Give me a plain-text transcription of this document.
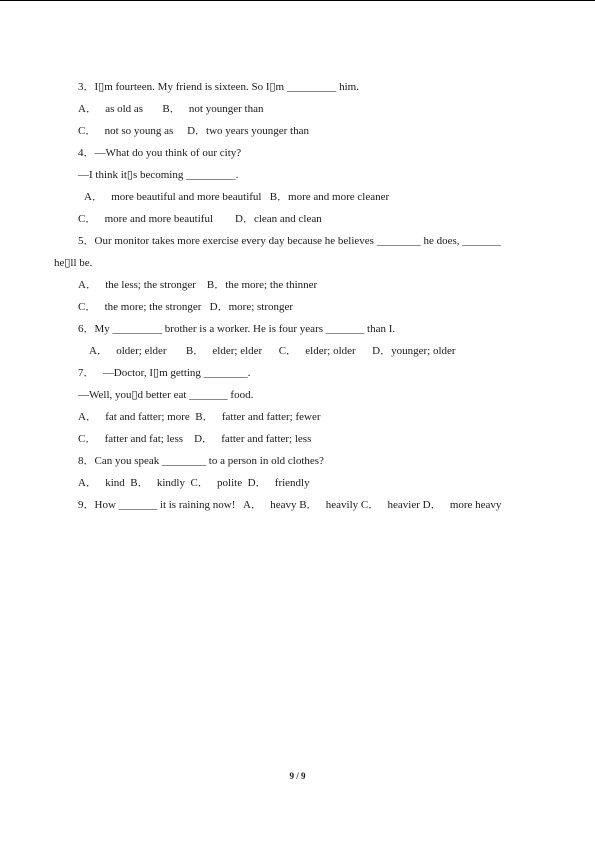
3．I▯m fourteen. My friend is sixteen. So I▯m _________ him.
A．   as old as       B．   not younger than
C．   not so young as     D．two years younger than
4．—What do you think of our city?
—I think it▯s becoming _________.
A．   more beautiful and more beautiful   B．more and more cleaner
C．   more and more beautiful        D．clean and clean
5．Our monitor takes more exercise every day because he believes ________ he does, _______
he▯ll be.
A．   the less; the stronger    B．the more; the thinner
C．   the more; the stronger   D．more; stronger
6．My _________ brother is a worker. He is four years _______ than I.
A．   older; elder       B．   elder; elder      C．   elder; older      D．younger; older
7．   —Doctor, I▯m getting ________.
—Well, you▯d better eat _______ food.
A．   fat and fatter; more  B．   fatter and fatter; fewer
C．   fatter and fat; less    D．   fatter and fatter; less
8．Can you speak ________ to a person in old clothes?
A．   kind  B．   kindly  C．   polite  D．   friendly
9．How _______ it is raining now!   A．   heavy B．   heavily C．   heavier D．   more heavy
9 / 9
